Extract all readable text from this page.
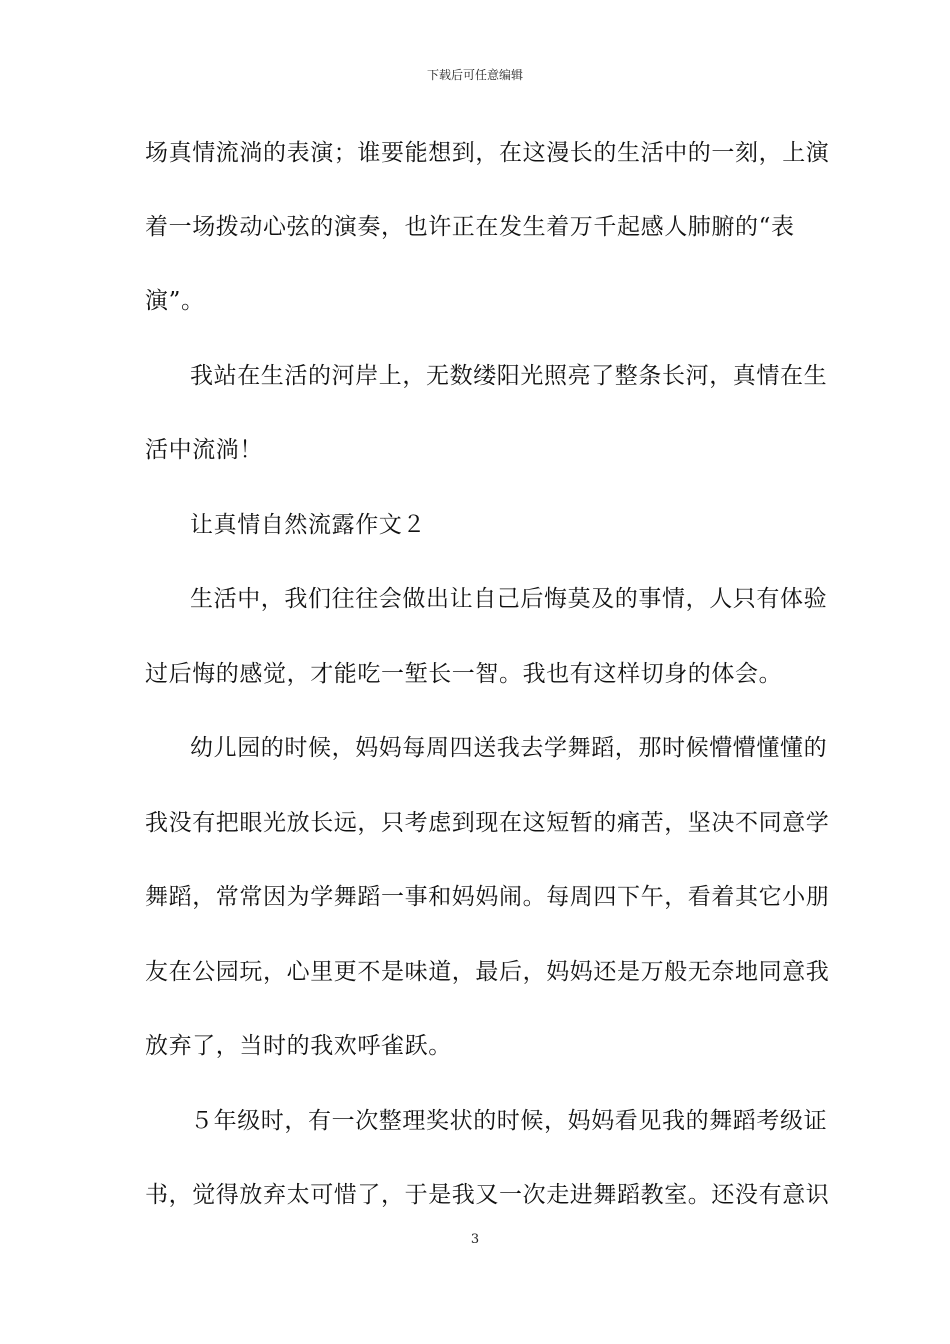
下载后可任意编辑
场真情流淌的表演；谁要能想到，在这漫长的生活中的一刻，上演
着一场拨动心弦的演奏，也许正在发生着万千起感人肺腑的“表
演”。
我站在生活的河岸上，无数缕阳光照亮了整条长河，真情在生
活中流淌！
让真情自然流露作文２
生活中，我们往往会做出让自己后悔莫及的事情，人只有体验
过后悔的感觉，才能吃一堑长一智。我也有这样切身的体会。
幼儿园的时候，妈妈每周四送我去学舞蹈，那时候懵懵懂懂的
我没有把眼光放长远，只考虑到现在这短暂的痛苦，坚决不同意学
舞蹈，常常因为学舞蹈一事和妈妈闹。每周四下午，看着其它小朋
友在公园玩，心里更不是味道，最后，妈妈还是万般无奈地同意我
放弃了，当时的我欢呼雀跃。
５年级时，有一次整理奖状的时候，妈妈看见我的舞蹈考级证
书，觉得放弃太可惜了，于是我又一次走进舞蹈教室。还没有意识
3
